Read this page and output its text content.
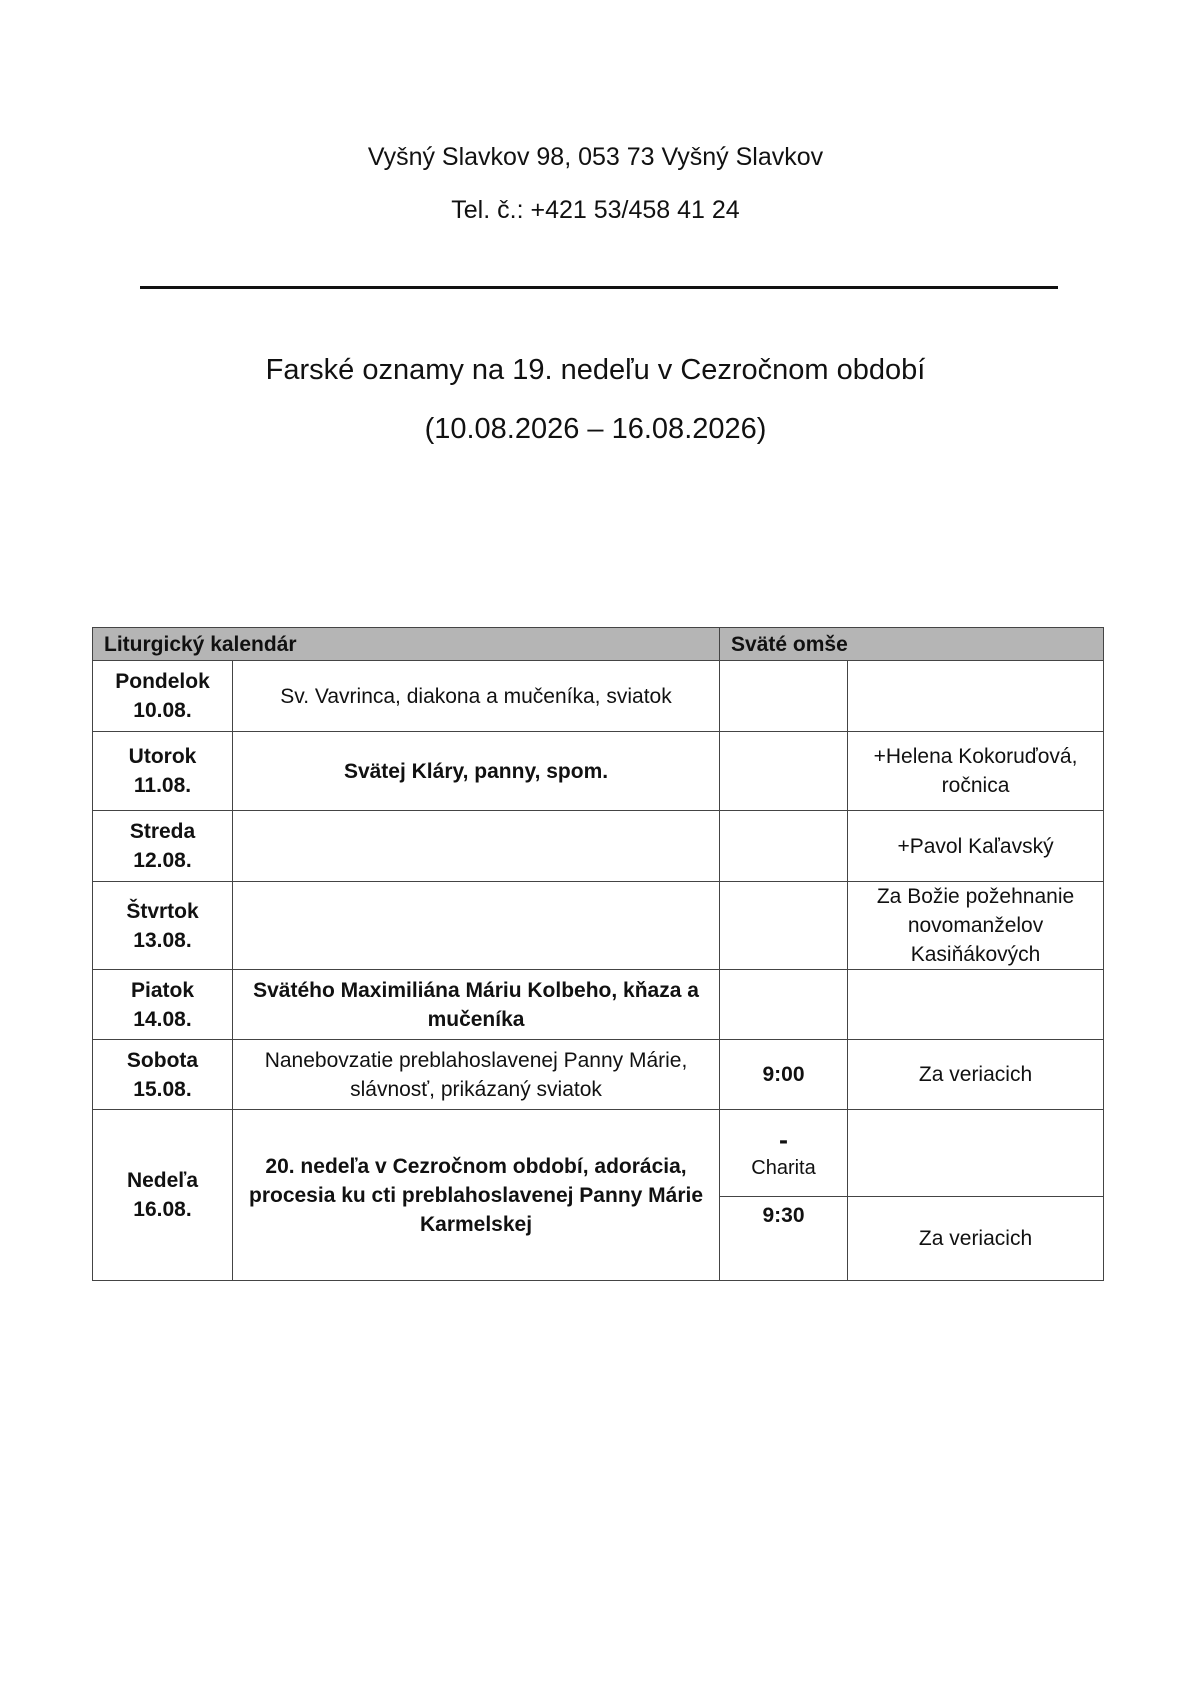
Vyšný Slavkov 98, 053 73 Vyšný Slavkov
Tel. č.: +421 53/458 41 24
Farské oznamy na 19. nedeľu v Cezročnom období
(10.08.2026 – 16.08.2026)
Liturgický kalendár		Sväté omše	
Pondelok
10.08.	Sv. Vavrinca, diakona a mučeníka, sviatok		
Utorok
11.08.	Svätej Kláry, panny, spom.		+Helena Kokoruďová, ročnica
Streda
12.08.			+Pavol Kaľavský
Štvrtok
13.08.			Za Božie požehnanie novomanželov Kasiňákových
Piatok
14.08.	Svätého Maximiliána Máriu Kolbeho, kňaza a mučeníka		
Sobota
15.08.	Nanebovzatie preblahoslavenej Panny Márie, slávnosť, prikázaný sviatok	9:00	Za veriacich
Nedeľa
16.08.	20. nedeľa v Cezročnom období, adorácia, procesia ku cti preblahoslavenej Panny Márie Karmelskej	-
Charita	

		9:30	Za veriacich
